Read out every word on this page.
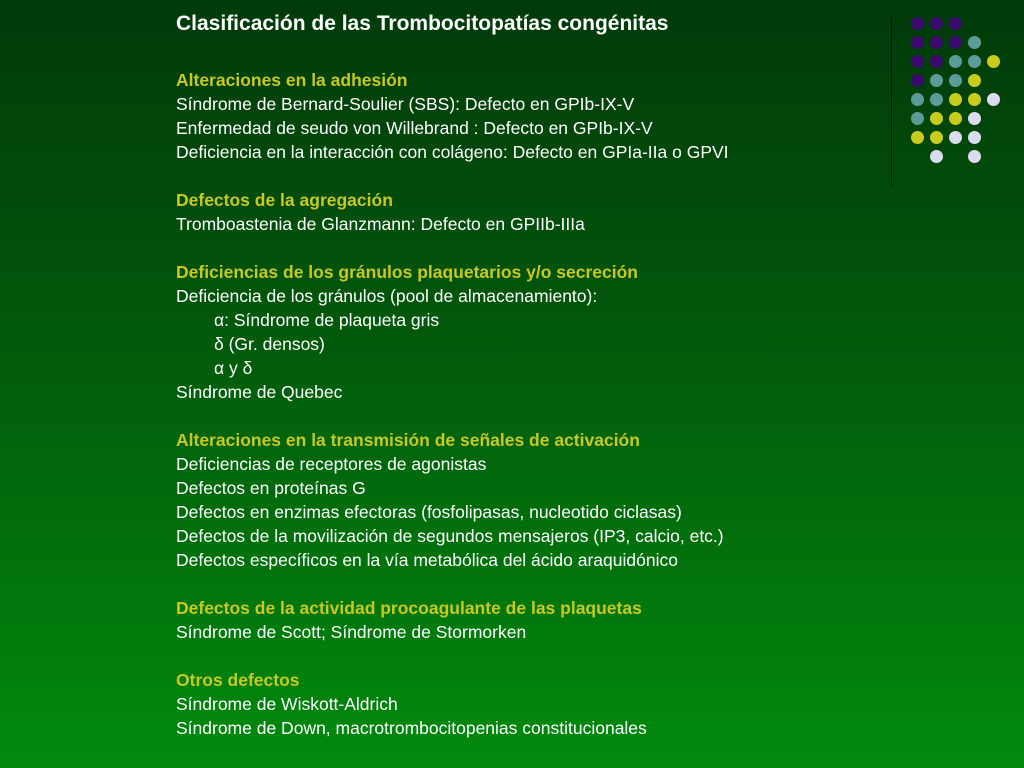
Clasificación de las Trombocitopatías congénitas
Alteraciones en la adhesión
Síndrome de Bernard-Soulier (SBS): Defecto en GPIb-IX-V
Enfermedad de seudo von Willebrand : Defecto en GPIb-IX-V
Deficiencia en la interacción con colágeno: Defecto en GPIa-IIa o GPVI
Defectos de la agregación
Tromboastenia de Glanzmann: Defecto en GPIIb-IIIa
Deficiencias de los gránulos plaquetarios y/o secreción
Deficiencia de los gránulos (pool de almacenamiento):
α: Síndrome de plaqueta gris
δ (Gr. densos)
α y δ
Síndrome de Quebec
Alteraciones en la transmisión de señales de activación
Deficiencias de receptores de agonistas
Defectos en proteínas G
Defectos en enzimas efectoras (fosfolipasas, nucleotido ciclasas)
Defectos de la movilización de segundos mensajeros (IP3, calcio, etc.)
Defectos específicos en la vía metabólica del ácido araquidónico
Defectos de la actividad procoagulante de las plaquetas
Síndrome de Scott; Síndrome de Stormorken
Otros defectos
Síndrome de Wiskott-Aldrich
Síndrome de Down, macrotrombocitopenias constitucionales
